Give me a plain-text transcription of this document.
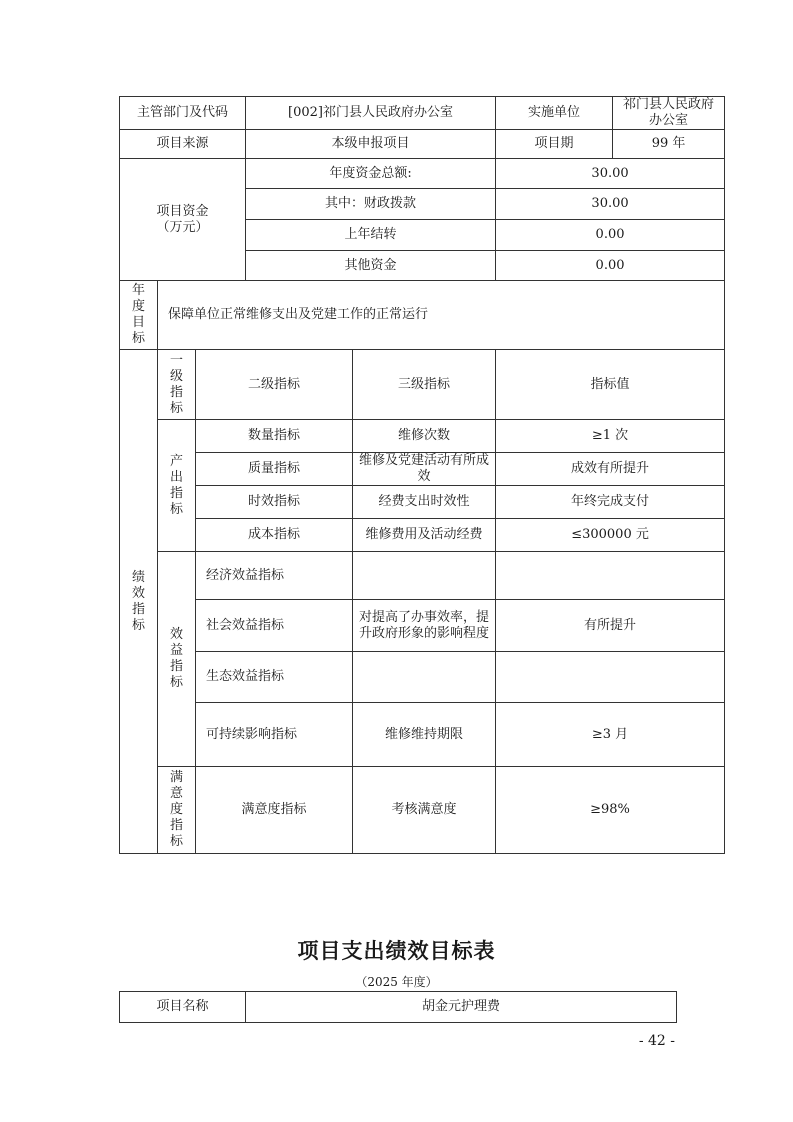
主管部门及代码			[002]祁门县人民政府办公室		实施单位	祁门县人民政府办公室
项目来源			本级申报项目		项目期	99 年
项目资金（万元）			年度资金总额:		30.00	
			其中：财政拨款		30.00	
			上年结转		0.00	
			其他资金		0.00	
年度目标	保障单位正常维修支出及党建工作的正常运行					
绩效指标	一级指标	二级指标		三级指标	指标值	
	产出指标	数量指标		维修次数	≥1 次	
		质量指标		维修及党建活动有所成效	成效有所提升	
		时效指标		经费支出时效性	年终完成支付	
		成本指标		维修费用及活动经费	≤300000 元	
	效益指标	经济效益指标				
		社会效益指标		对提高了办事效率，提升政府形象的影响程度	有所提升	
		生态效益指标				
		可持续影响指标		维修维持期限	≥3 月	
	满意度指标	满意度指标		考核满意度	≥98%	
项目支出绩效目标表
（2025 年度）
项目名称	胡金元护理费
- 42 -
